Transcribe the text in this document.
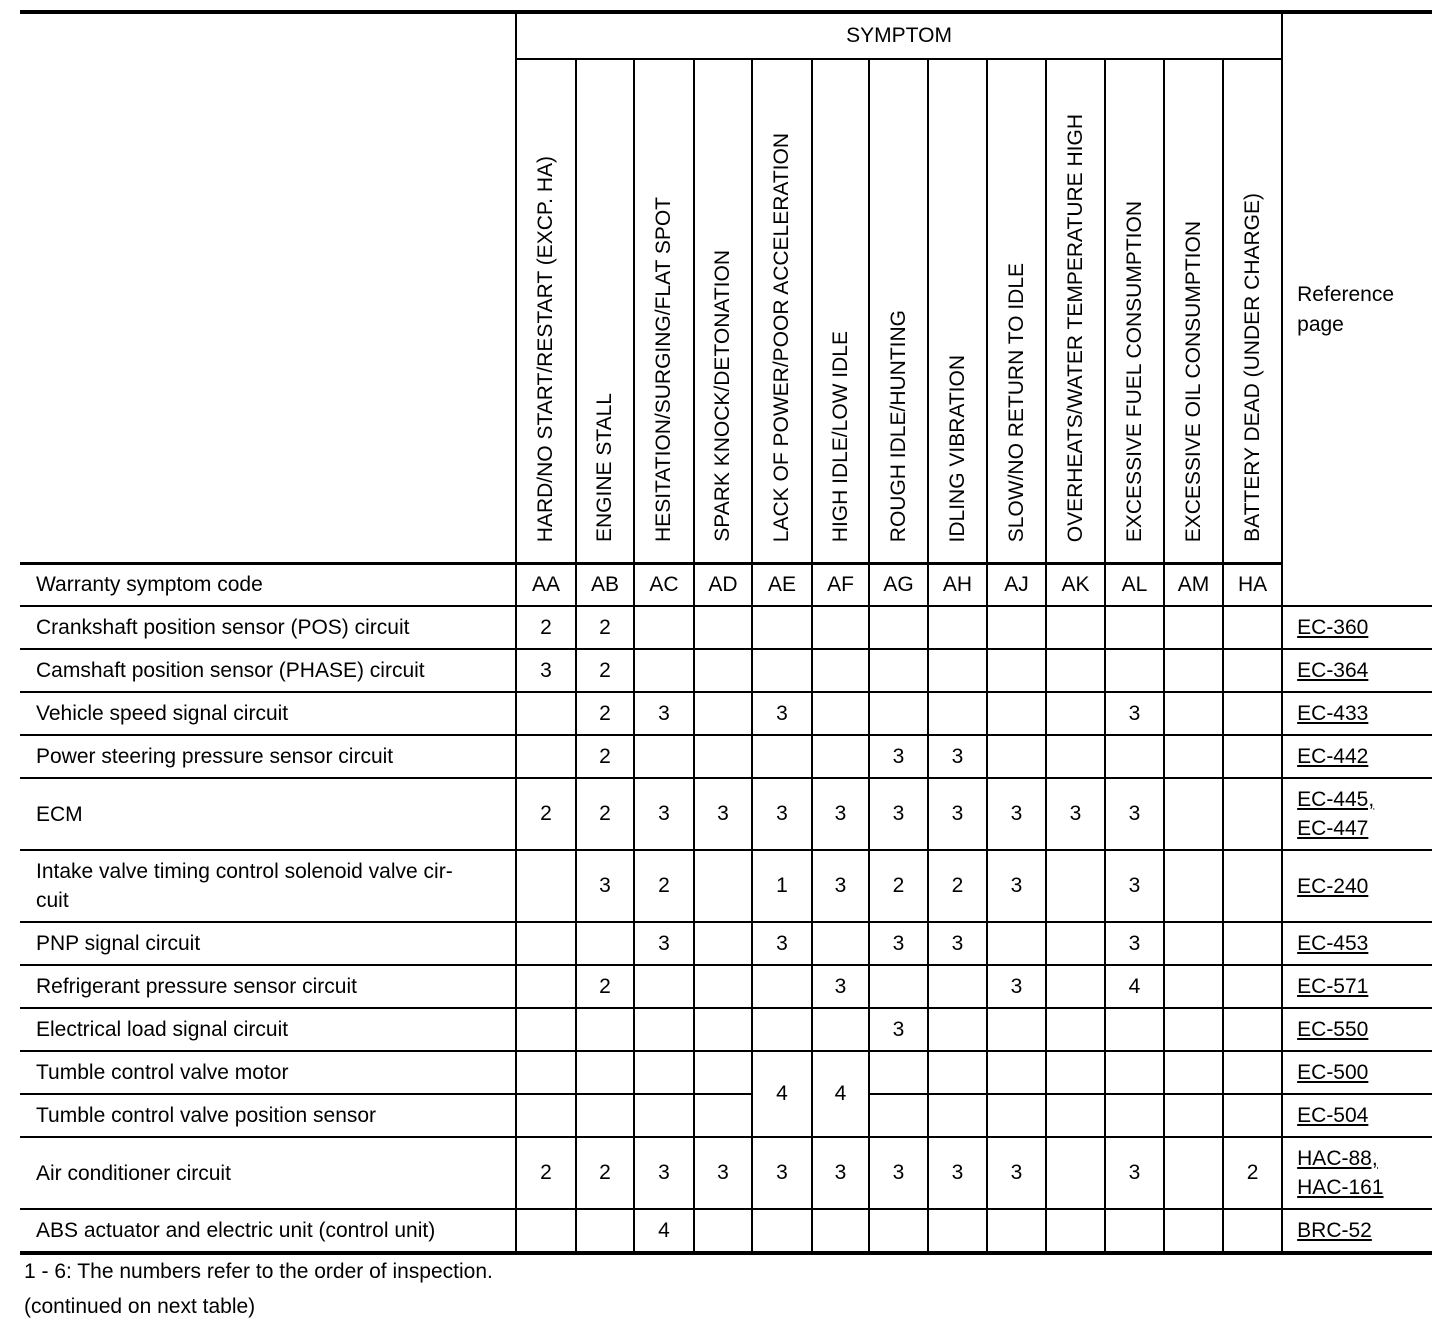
	SYMPTOM													Reference
page

	HARD/NO START/RESTART (EXCP. HA)	ENGINE STALL	HESITATION/SURGING/FLAT SPOT	SPARK KNOCK/DETONATION	LACK OF POWER/POOR ACCELERATION	HIGH IDLE/LOW IDLE	ROUGH IDLE/HUNTING	IDLING VIBRATION	SLOW/NO RETURN TO IDLE	OVERHEATS/WATER TEMPERATURE HIGH	EXCESSIVE FUEL CONSUMPTION	EXCESSIVE OIL CONSUMPTION	BATTERY DEAD (UNDER CHARGE)	
Warranty symptom code	AA	AB	AC	AD	AE	AF	AG	AH	AJ	AK	AL	AM	HA	
Crankshaft position sensor (POS) circuit	2	2												EC-360

Camshaft position sensor (PHASE) circuit	3	2												EC-364

Vehicle speed signal circuit		2	3		3						3			EC-433

Power steering pressure sensor circuit		2					3	3						EC-442

ECM	2	2	3	3	3	3	3	3	3	3	3			EC-445,
EC-447

Intake valve timing control solenoid valve cir-
cuit		3	2		1	3	2	2	3		3			EC-240

PNP signal circuit			3		3		3	3			3			EC-453

Refrigerant pressure sensor circuit		2				3			3		4			EC-571

Electrical load signal circuit							3							EC-550

Tumble control valve motor					4	4								EC-500

Tumble control valve position sensor														EC-504

Air conditioner circuit	2	2	3	3	3	3	3	3	3		3		2	HAC-88,
HAC-161

ABS actuator and electric unit (control unit)			4											BRC-52
1 - 6: The numbers refer to the order of inspection.
(continued on next table)
